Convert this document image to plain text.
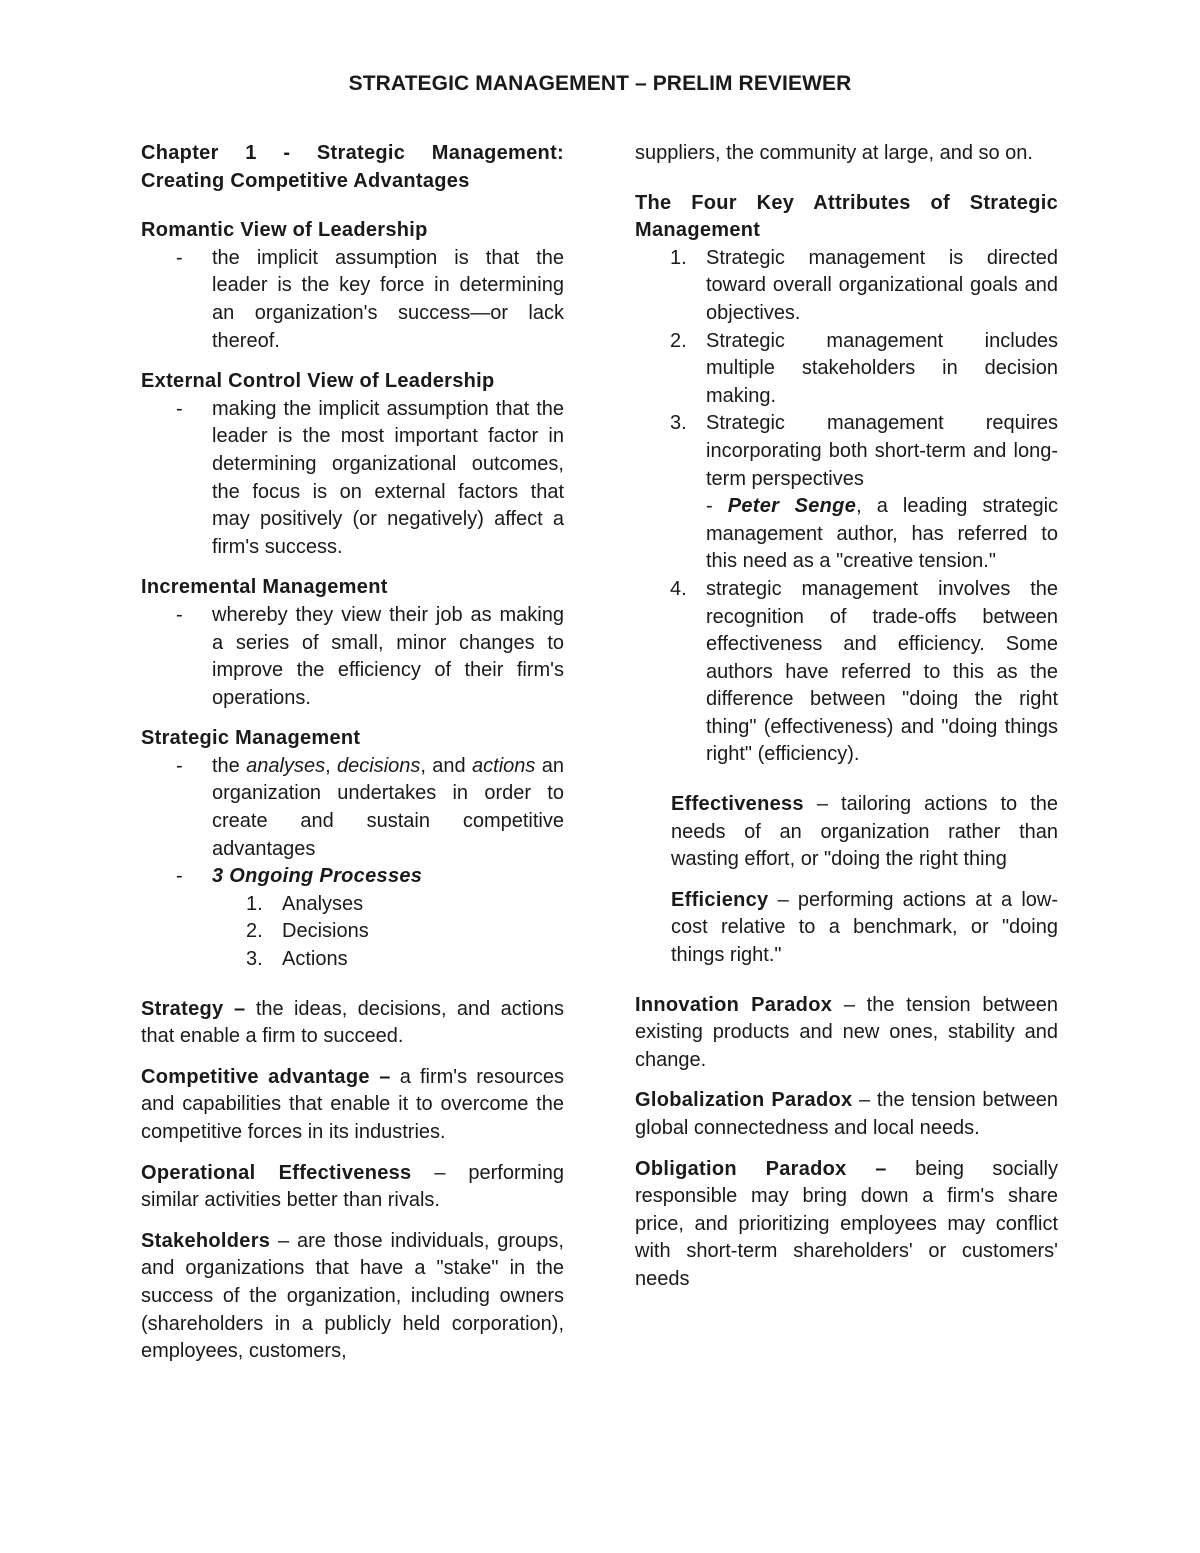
STRATEGIC MANAGEMENT – PRELIM REVIEWER

Chapter 1 - Strategic Management: Creating Competitive Advantages

Romantic View of Leadership

- the implicit assumption is that the leader is the key force in determining an organization's success—or lack thereof.

External Control View of Leadership

- making the implicit assumption that the leader is the most important factor in determining organizational outcomes, the focus is on external factors that may positively (or negatively) affect a firm's success.

Incremental Management

- whereby they view their job as making a series of small, minor changes to improve the efficiency of their firm's operations.

Strategic Management

- the analyses, decisions, and actions an organization undertakes in order to create and sustain competitive advantages

- 3 Ongoing Processes

1. Analyses

2. Decisions

3. Actions

Strategy – the ideas, decisions, and actions that enable a firm to succeed.

Competitive advantage – a firm's resources and capabilities that enable it to overcome the competitive forces in its industries.

Operational Effectiveness – performing similar activities better than rivals.

Stakeholders – are those individuals, groups, and organizations that have a "stake" in the success of the organization, including owners (shareholders in a publicly held corporation), employees, customers,

suppliers, the community at large, and so on.

The Four Key Attributes of Strategic Management

1. Strategic management is directed toward overall organizational goals and objectives.

2. Strategic management includes multiple stakeholders in decision making.

3. Strategic management requires incorporating both short-term and long-term perspectives
- Peter Senge, a leading strategic management author, has referred to this need as a "creative tension."

4. strategic management involves the recognition of trade-offs between effectiveness and efficiency. Some authors have referred to this as the difference between "doing the right thing" (effectiveness) and "doing things right" (efficiency).

Effectiveness – tailoring actions to the needs of an organization rather than wasting effort, or "doing the right thing

Efficiency – performing actions at a low-cost relative to a benchmark, or "doing things right."

Innovation Paradox – the tension between existing products and new ones, stability and change.

Globalization Paradox – the tension between global connectedness and local needs.

Obligation Paradox – being socially responsible may bring down a firm's share price, and prioritizing employees may conflict with short-term shareholders' or customers' needs
